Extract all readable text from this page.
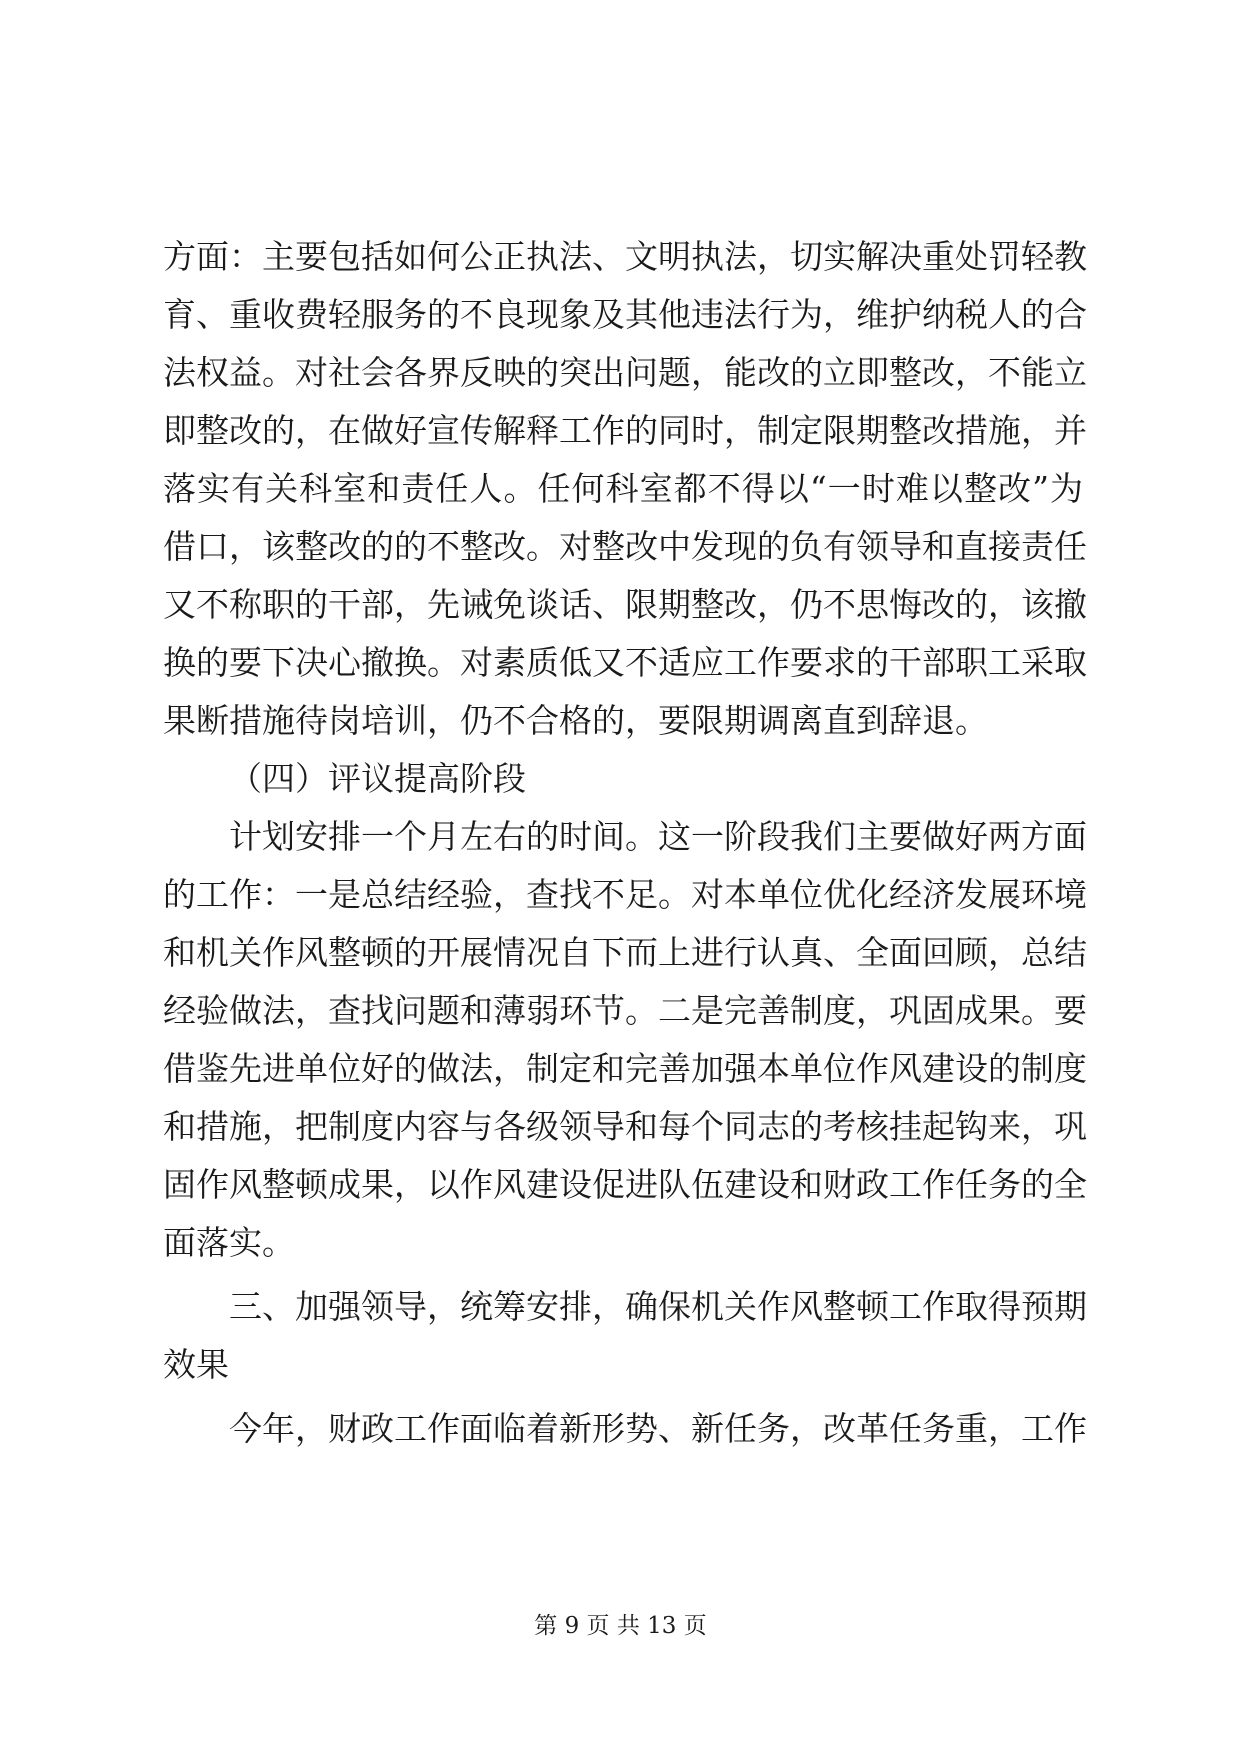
方面：主要包括如何公正执法、文明执法，切实解决重处罚轻教
育、重收费轻服务的不良现象及其他违法行为，维护纳税人的合
法权益。对社会各界反映的突出问题，能改的立即整改，不能立
即整改的，在做好宣传解释工作的同时，制定限期整改措施，并
落实有关科室和责任人。任何科室都不得以“一时难以整改”为
借口，该整改的的不整改。对整改中发现的负有领导和直接责任
又不称职的干部，先诫免谈话、限期整改，仍不思悔改的，该撤
换的要下决心撤换。对素质低又不适应工作要求的干部职工采取
果断措施待岗培训，仍不合格的，要限期调离直到辞退。
（四）评议提高阶段
计划安排一个月左右的时间。这一阶段我们主要做好两方面
的工作：一是总结经验，查找不足。对本单位优化经济发展环境
和机关作风整顿的开展情况自下而上进行认真、全面回顾，总结
经验做法，查找问题和薄弱环节。二是完善制度，巩固成果。要
借鉴先进单位好的做法，制定和完善加强本单位作风建设的制度
和措施，把制度内容与各级领导和每个同志的考核挂起钩来，巩
固作风整顿成果，以作风建设促进队伍建设和财政工作任务的全
面落实。
三、加强领导，统筹安排，确保机关作风整顿工作取得预期
效果
今年，财政工作面临着新形势、新任务，改革任务重，工作
第 9 页 共 13 页
